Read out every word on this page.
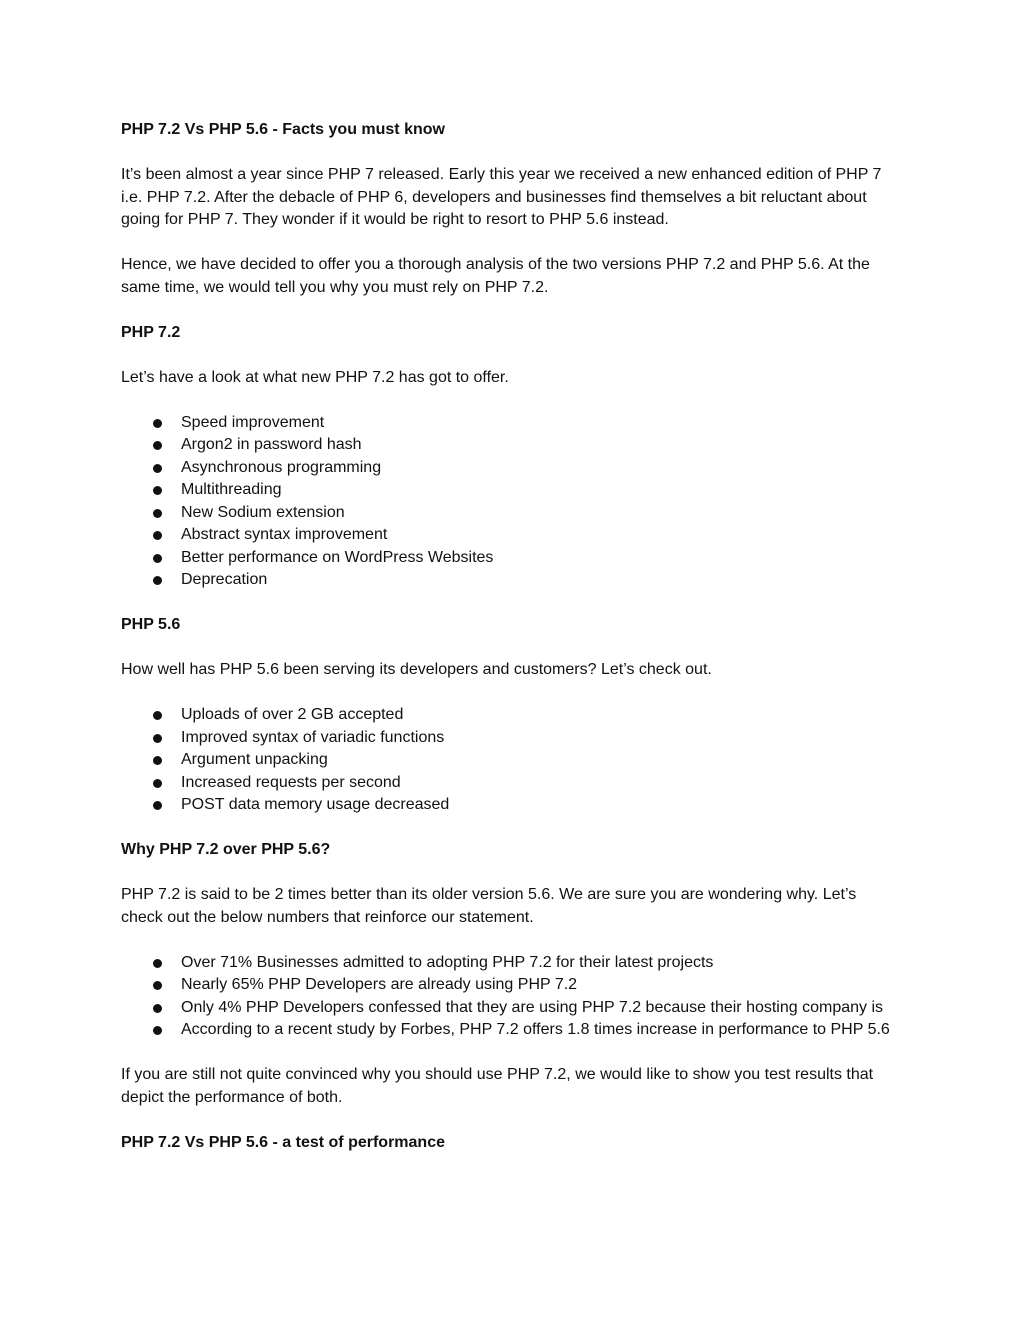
PHP 7.2 Vs PHP 5.6 - Facts you must know

It’s been almost a year since PHP 7 released. Early this year we received a new enhanced edition of PHP 7 i.e. PHP 7.2. After the debacle of PHP 6, developers and businesses find themselves a bit reluctant about going for PHP 7. They wonder if it would be right to resort to PHP 5.6 instead.

Hence, we have decided to offer you a thorough analysis of the two versions PHP 7.2 and PHP 5.6. At the same time, we would tell you why you must rely on PHP 7.2.

PHP 7.2

Let’s have a look at what new PHP 7.2 has got to offer.

Speed improvement
Argon2 in password hash
Asynchronous programming
Multithreading
New Sodium extension
Abstract syntax improvement
Better performance on WordPress Websites
Deprecation

PHP 5.6

How well has PHP 5.6 been serving its developers and customers? Let’s check out.

Uploads of over 2 GB accepted
Improved syntax of variadic functions
Argument unpacking
Increased requests per second
POST data memory usage decreased

Why PHP 7.2 over PHP 5.6?

PHP 7.2 is said to be 2 times better than its older version 5.6. We are sure you are wondering why. Let’s check out the below numbers that reinforce our statement.

Over 71% Businesses admitted to adopting PHP 7.2 for their latest projects
Nearly 65% PHP Developers are already using PHP 7.2
Only 4% PHP Developers confessed that they are using PHP 7.2 because their hosting company is
According to a recent study by Forbes, PHP 7.2 offers 1.8 times increase in performance to PHP 5.6

If you are still not quite convinced why you should use PHP 7.2, we would like to show you test results that depict the performance of both.

PHP 7.2 Vs PHP 5.6 - a test of performance
